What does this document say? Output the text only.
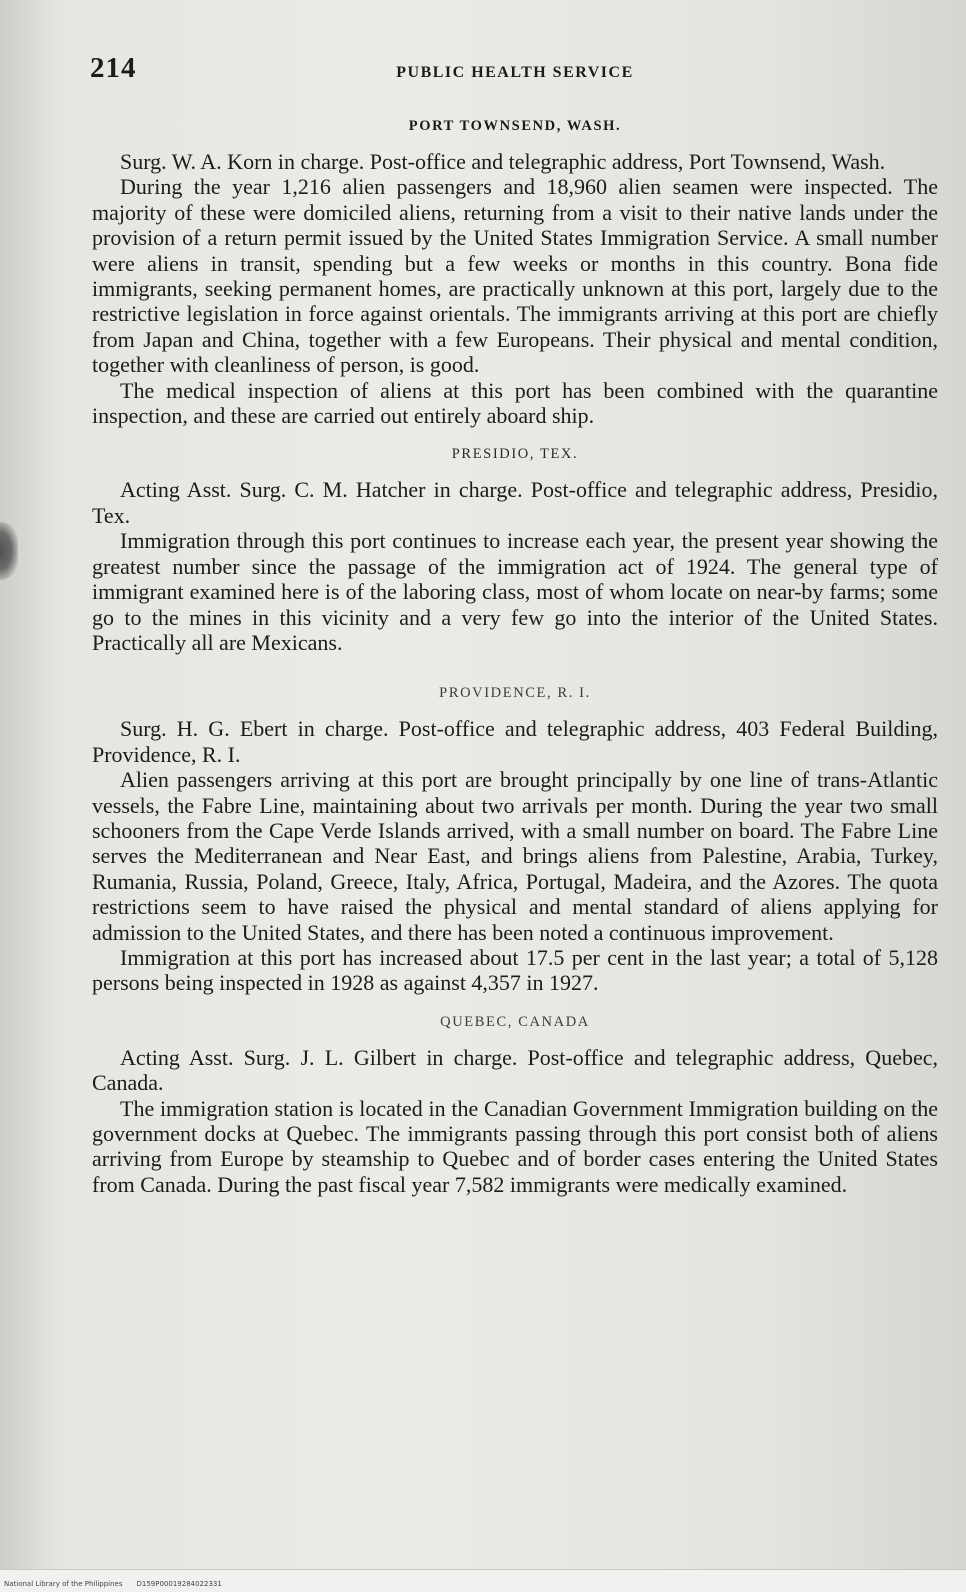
214	PUBLIC HEALTH SERVICE
PORT TOWNSEND, WASH.

Surg. W. A. Korn in charge. Post-office and telegraphic address, Port Townsend, Wash.

During the year 1,216 alien passengers and 18,960 alien seamen were inspected. The majority of these were domiciled aliens, returning from a visit to their native lands under the provision of a return permit issued by the United States Immigration Service. A small number were aliens in transit, spending but a few weeks or months in this country. Bona fide immigrants, seeking permanent homes, are practically unknown at this port, largely due to the restrictive legislation in force against orientals. The immigrants arriving at this port are chiefly from Japan and China, together with a few Europeans. Their physical and mental condition, together with cleanliness of person, is good.

The medical inspection of aliens at this port has been combined with the quarantine inspection, and these are carried out entirely aboard ship.

PRESIDIO, TEX.

Acting Asst. Surg. C. M. Hatcher in charge. Post-office and telegraphic address, Presidio, Tex.

Immigration through this port continues to increase each year, the present year showing the greatest number since the passage of the immigration act of 1924. The general type of immigrant examined here is of the laboring class, most of whom locate on near-by farms; some go to the mines in this vicinity and a very few go into the interior of the United States. Practically all are Mexicans.

PROVIDENCE, R. I.

Surg. H. G. Ebert in charge. Post-office and telegraphic address, 403 Federal Building, Providence, R. I.

Alien passengers arriving at this port are brought principally by one line of trans-Atlantic vessels, the Fabre Line, maintaining about two arrivals per month. During the year two small schooners from the Cape Verde Islands arrived, with a small number on board. The Fabre Line serves the Mediterranean and Near East, and brings aliens from Palestine, Arabia, Turkey, Rumania, Russia, Poland, Greece, Italy, Africa, Portugal, Madeira, and the Azores. The quota restrictions seem to have raised the physical and mental standard of aliens applying for admission to the United States, and there has been noted a continuous improvement.

Immigration at this port has increased about 17.5 per cent in the last year; a total of 5,128 persons being inspected in 1928 as against 4,357 in 1927.

QUEBEC, CANADA

Acting Asst. Surg. J. L. Gilbert in charge. Post-office and telegraphic address, Quebec, Canada.

The immigration station is located in the Canadian Government Immigration building on the government docks at Quebec. The immigrants passing through this port consist both of aliens arriving from Europe by steamship to Quebec and of border cases entering the United States from Canada. During the past fiscal year 7,582 immigrants were medically examined.

National Library of the Philippines D159P00019284022331
